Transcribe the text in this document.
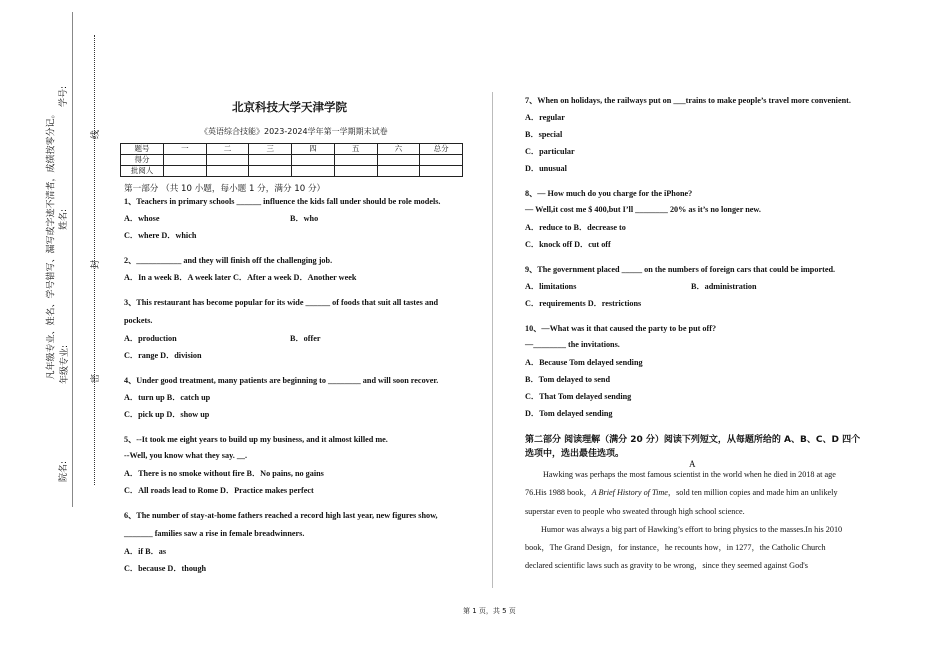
学号:
姓名:
年级专业:
院名:
凡年级专业、姓名、学号错写、漏写或字迹不清者，成绩按零分记。	密
封
线
北京科技大学天津学院
《英语综合技能》2023-2024学年第一学期期末试卷
题号	一	二	三	四	五	六	总分
得分							
批阅人							
第一部分 （共 10 小题，每小题 1 分，满分 10 分）
1、Teachers in primary schools ______ influence the kids fall under should be role models.
A．whose	B．who
C．where D．which
2、___________ and they will finish off the challenging job.
A．In a week B．A week later C．After a week D．Another week
3、This restaurant has become popular for its wide ______ of foods that suit all tastes and
pockets.
A．production	B．offer
C．range D．division
4、Under good treatment, many patients are beginning to ________ and will soon recover.
A．turn up B．catch up
C．pick up D．show up
5、--It took me eight years to build up my business, and it almost killed me.
--Well, you know what they say. __.
A．There is no smoke without fire B．No pains, no gains
C．All roads lead to Rome D．Practice makes perfect
6、The number of stay-at-home fathers reached a record high last year, new figures show,
_______ families saw a rise in female breadwinners.
A．if B．as
C．because D．though
7、When on holidays, the railways put on ___trains to make people’s travel more convenient.
A．regular
B．special
C．particular
D．unusual
8、— How much do you charge for the iPhone?
— Well,it cost me $ 400,but I’ll ________ 20% as it’s no longer new.
A．reduce to B．decrease to
C．knock off D．cut off
9、The government placed _____ on the numbers of foreign cars that could be imported.
A．limitations	B．administration
C．requirements D．restrictions
10、—What was it that caused the party to be put off?
—________ the invitations.
A．Because Tom delayed sending
B．Tom delayed to send
C．That Tom delayed sending
D．Tom delayed sending
第二部分 阅读理解（满分 20 分）阅读下列短文，从每题所给的 A、B、C、D 四个
选项中，选出最佳选项。
A

Hawking was perhaps the most famous scientist in the world when he died in 2018 at age

76.His 1988 book，A Brief History of Time，sold ten million copies and made him an unlikely

superstar even to people who sweated through high school science.

Humor was always a big part of Hawking’s effort to bring physics to the masses.In his 2010

book，The Grand Design，for instance，he recounts how，in 1277，the Catholic Church

declared scientific laws such as gravity to be wrong，since they seemed against God's

第 1 页，共 5 页
